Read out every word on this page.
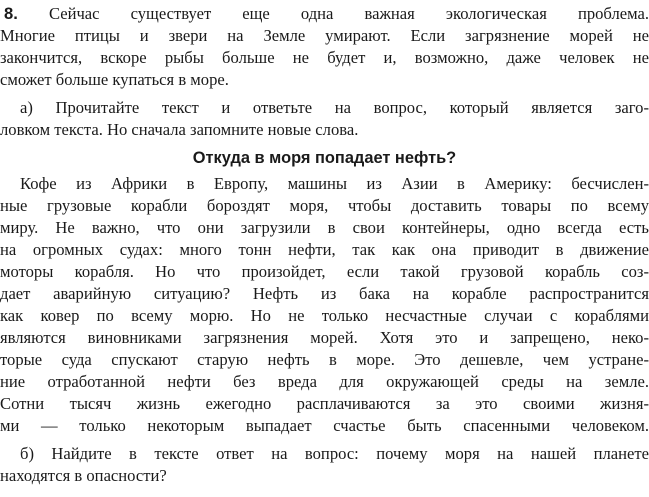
8. Сейчас существует еще одна важная экологическая проблема.
Многие птицы и звери на Земле умирают. Если загрязнение морей не
закончится, вскоре рыбы больше не будет и, возможно, даже человек не
сможет больше купаться в море.
а) Прочитайте текст и ответьте на вопрос, который является заго-
ловком текста. Но сначала запомните новые слова.
Откуда в моря попадает нефть?
Кофе из Африки в Европу, машины из Азии в Америку: бесчислен-
ные грузовые корабли бороздят моря, чтобы доставить товары по всему
миру. Не важно, что они загрузили в свои контейнеры, одно всегда есть
на огромных судах: много тонн нефти, так как она приводит в движение
моторы корабля. Но что произойдет, если такой грузовой корабль соз-
дает аварийную ситуацию? Нефть из бака на корабле распространится
как ковер по всему морю. Но не только несчастные случаи с кораблями
являются виновниками загрязнения морей. Хотя это и запрещено, неко-
торые суда спускают старую нефть в море. Это дешевле, чем устране-
ние отработанной нефти без вреда для окружающей среды на земле.
Сотни тысяч жизнь ежегодно расплачиваются за это своими жизня-
ми — только некоторым выпадает счастье быть спасенными человеком.
б) Найдите в тексте ответ на вопрос: почему моря на нашей планете
находятся в опасности?
